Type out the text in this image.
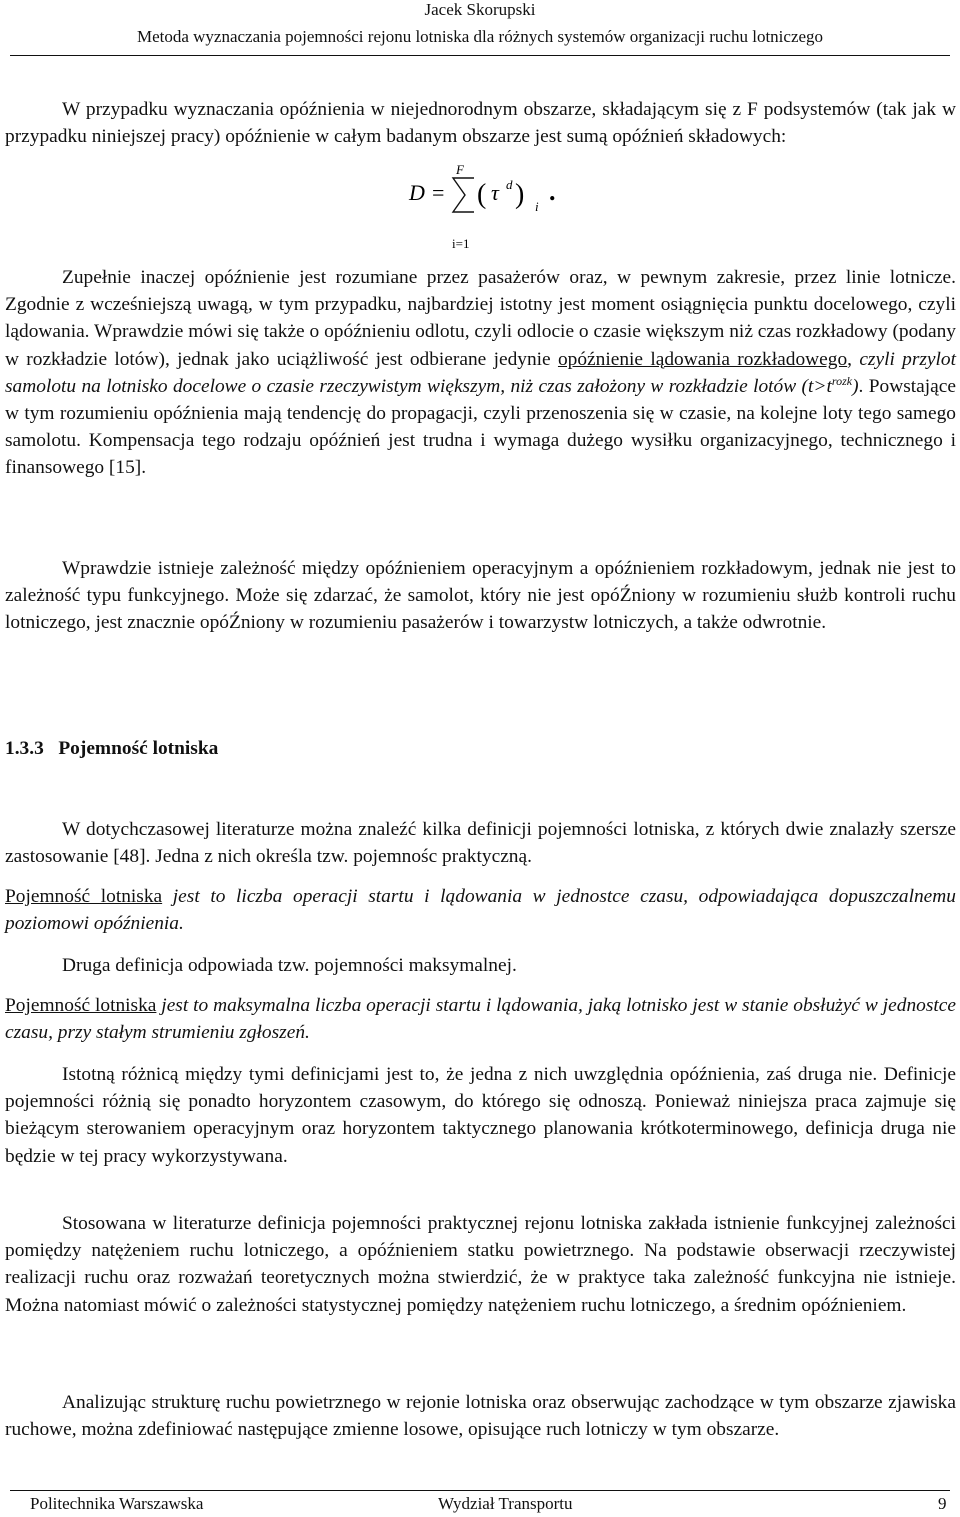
Jacek Skorupski
Metoda wyznaczania pojemności rejonu lotniska dla różnych systemów organizacji ruchu lotniczego

W przypadku wyznaczania opóźnienia w niejednorodnym obszarze, składającym się z F podsystemów (tak jak w przypadku niniejszej pracy) opóźnienie w całym badanym obszarze jest sumą opóźnień składowych:

D =
F
i=1
( τ d ) i
.

Zupełnie inaczej opóźnienie jest rozumiane przez pasażerów oraz, w pewnym zakresie, przez linie lotnicze. Zgodnie z wcześniejszą uwagą, w tym przypadku, najbardziej istotny jest moment osiągnięcia punktu docelowego, czyli lądowania. Wprawdzie mówi się także o opóźnieniu odlotu, czyli odlocie o czasie większym niż czas rozkładowy (podany w rozkładzie lotów), jednak jako uciążliwość jest odbierane jedynie opóźnienie lądowania rozkładowego, czyli przylot samolotu na lotnisko docelowe o czasie rzeczywistym większym, niż czas założony w rozkładzie lotów $(t>t^{rozk})$. Powstające w tym rozumieniu opóźnienia mają tendencję do propagacji, czyli przenoszenia się w czasie, na kolejne loty tego samego samolotu. Kompensacja tego rodzaju opóźnień jest trudna i wymaga dużego wysiłku organizacyjnego, technicznego i finansowego [15].

Wprawdzie istnieje zależność między opóźnieniem operacyjnym a opóźnieniem rozkładowym, jednak nie jest to zależność typu funkcyjnego. Może się zdarzać, że samolot, który nie jest opóŹniony w rozumieniu służb kontroli ruchu lotniczego, jest znacznie opóŹniony w rozumieniu pasażerów i towarzystw lotniczych, a także odwrotnie.

1.3.3 Pojemność lotniska

W dotychczasowej literaturze można znaleźć kilka definicji pojemności lotniska, z których dwie znalazły szersze zastosowanie [48]. Jedna z nich określa tzw. pojemnośc praktyczną.

Pojemność lotniska jest to liczba operacji startu i lądowania w jednostce czasu, odpowiadająca dopuszczalnemu poziomowi opóźnienia.

Druga definicja odpowiada tzw. pojemności maksymalnej.

Pojemność lotniska jest to maksymalna liczba operacji startu i lądowania, jaką lotnisko jest w stanie obsłużyć w jednostce czasu, przy stałym strumieniu zgłoszeń.

Istotną różnicą między tymi definicjami jest to, że jedna z nich uwzględnia opóźnienia, zaś druga nie. Definicje pojemności różnią się ponadto horyzontem czasowym, do którego się odnoszą. Ponieważ niniejsza praca zajmuje się bieżącym sterowaniem operacyjnym oraz horyzontem taktycznego planowania krótkoterminowego, definicja druga nie będzie w tej pracy wykorzystywana.

Stosowana w literaturze definicja pojemności praktycznej rejonu lotniska zakłada istnienie funkcyjnej zależności pomiędzy natężeniem ruchu lotniczego, a opóźnieniem statku powietrznego. Na podstawie obserwacji rzeczywistej realizacji ruchu oraz rozważań teoretycznych można stwierdzić, że w praktyce taka zależność funkcyjna nie istnieje. Można natomiast mówić o zależności statystycznej pomiędzy natężeniem ruchu lotniczego, a średnim opóźnieniem.

Analizując strukturę ruchu powietrznego w rejonie lotniska oraz obserwując zachodzące w tym obszarze zjawiska ruchowe, można zdefiniować następujące zmienne losowe, opisujące ruch lotniczy w tym obszarze.

Politechnika Warszawska	Wydział Transportu	9
